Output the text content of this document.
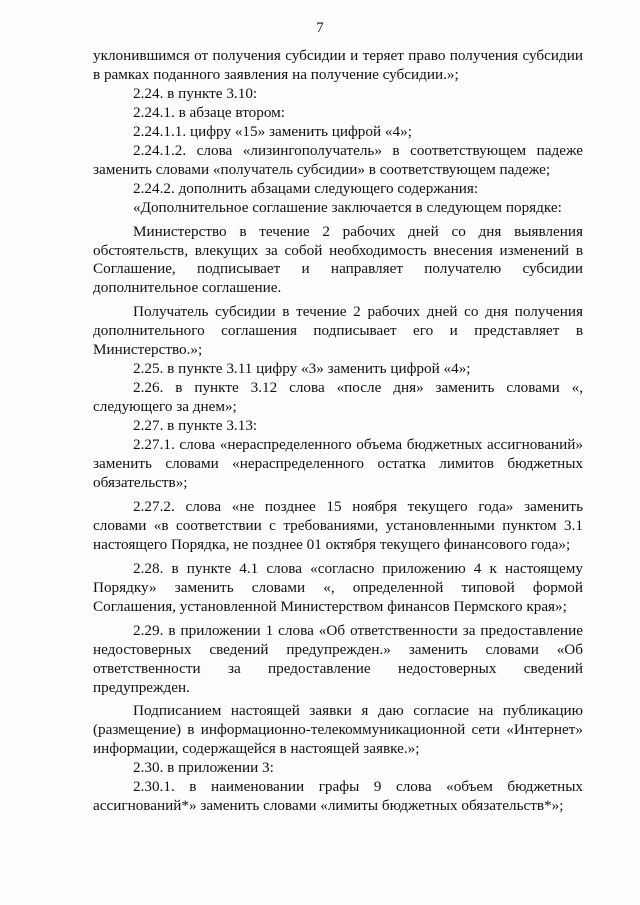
7

уклонившимся от получения субсидии и теряет право получения субсидии в рамках поданного заявления на получение субсидии.»;

2.24. в пункте 3.10:

2.24.1. в абзаце втором:

2.24.1.1. цифру «15» заменить цифрой «4»;

2.24.1.2. слова «лизингополучатель» в соответствующем падеже заменить словами «получатель субсидии» в соответствующем падеже;

2.24.2. дополнить абзацами следующего содержания:

«Дополнительное соглашение заключается в следующем порядке:

Министерство в течение 2 рабочих дней со дня выявления обстоятельств, влекущих за собой необходимость внесения изменений в Соглашение, подписывает и направляет получателю субсидии дополнительное соглашение.

Получатель субсидии в течение 2 рабочих дней со дня получения дополнительного соглашения подписывает его и представляет в Министерство.»;

2.25. в пункте 3.11 цифру «3» заменить цифрой «4»;

2.26. в пункте 3.12 слова «после дня» заменить словами «, следующего за днем»;

2.27. в пункте 3.13:

2.27.1. слова «нераспределенного объема бюджетных ассигнований» заменить словами «нераспределенного остатка лимитов бюджетных обязательств»;

2.27.2. слова «не позднее 15 ноября текущего года» заменить словами «в соответствии с требованиями, установленными пунктом 3.1 настоящего Порядка, не позднее 01 октября текущего финансового года»;

2.28. в пункте 4.1 слова «согласно приложению 4 к настоящему Порядку» заменить словами «, определенной типовой формой Соглашения, установленной Министерством финансов Пермского края»;

2.29. в приложении 1 слова «Об ответственности за предоставление недостоверных сведений предупрежден.» заменить словами «Об ответственности за предоставление недостоверных сведений предупрежден.

Подписанием настоящей заявки я даю согласие на публикацию (размещение) в информационно-телекоммуникационной сети «Интернет» информации, содержащейся в настоящей заявке.»;

2.30. в приложении 3:

2.30.1. в наименовании графы 9 слова «объем бюджетных ассигнований*» заменить словами «лимиты бюджетных обязательств*»;
